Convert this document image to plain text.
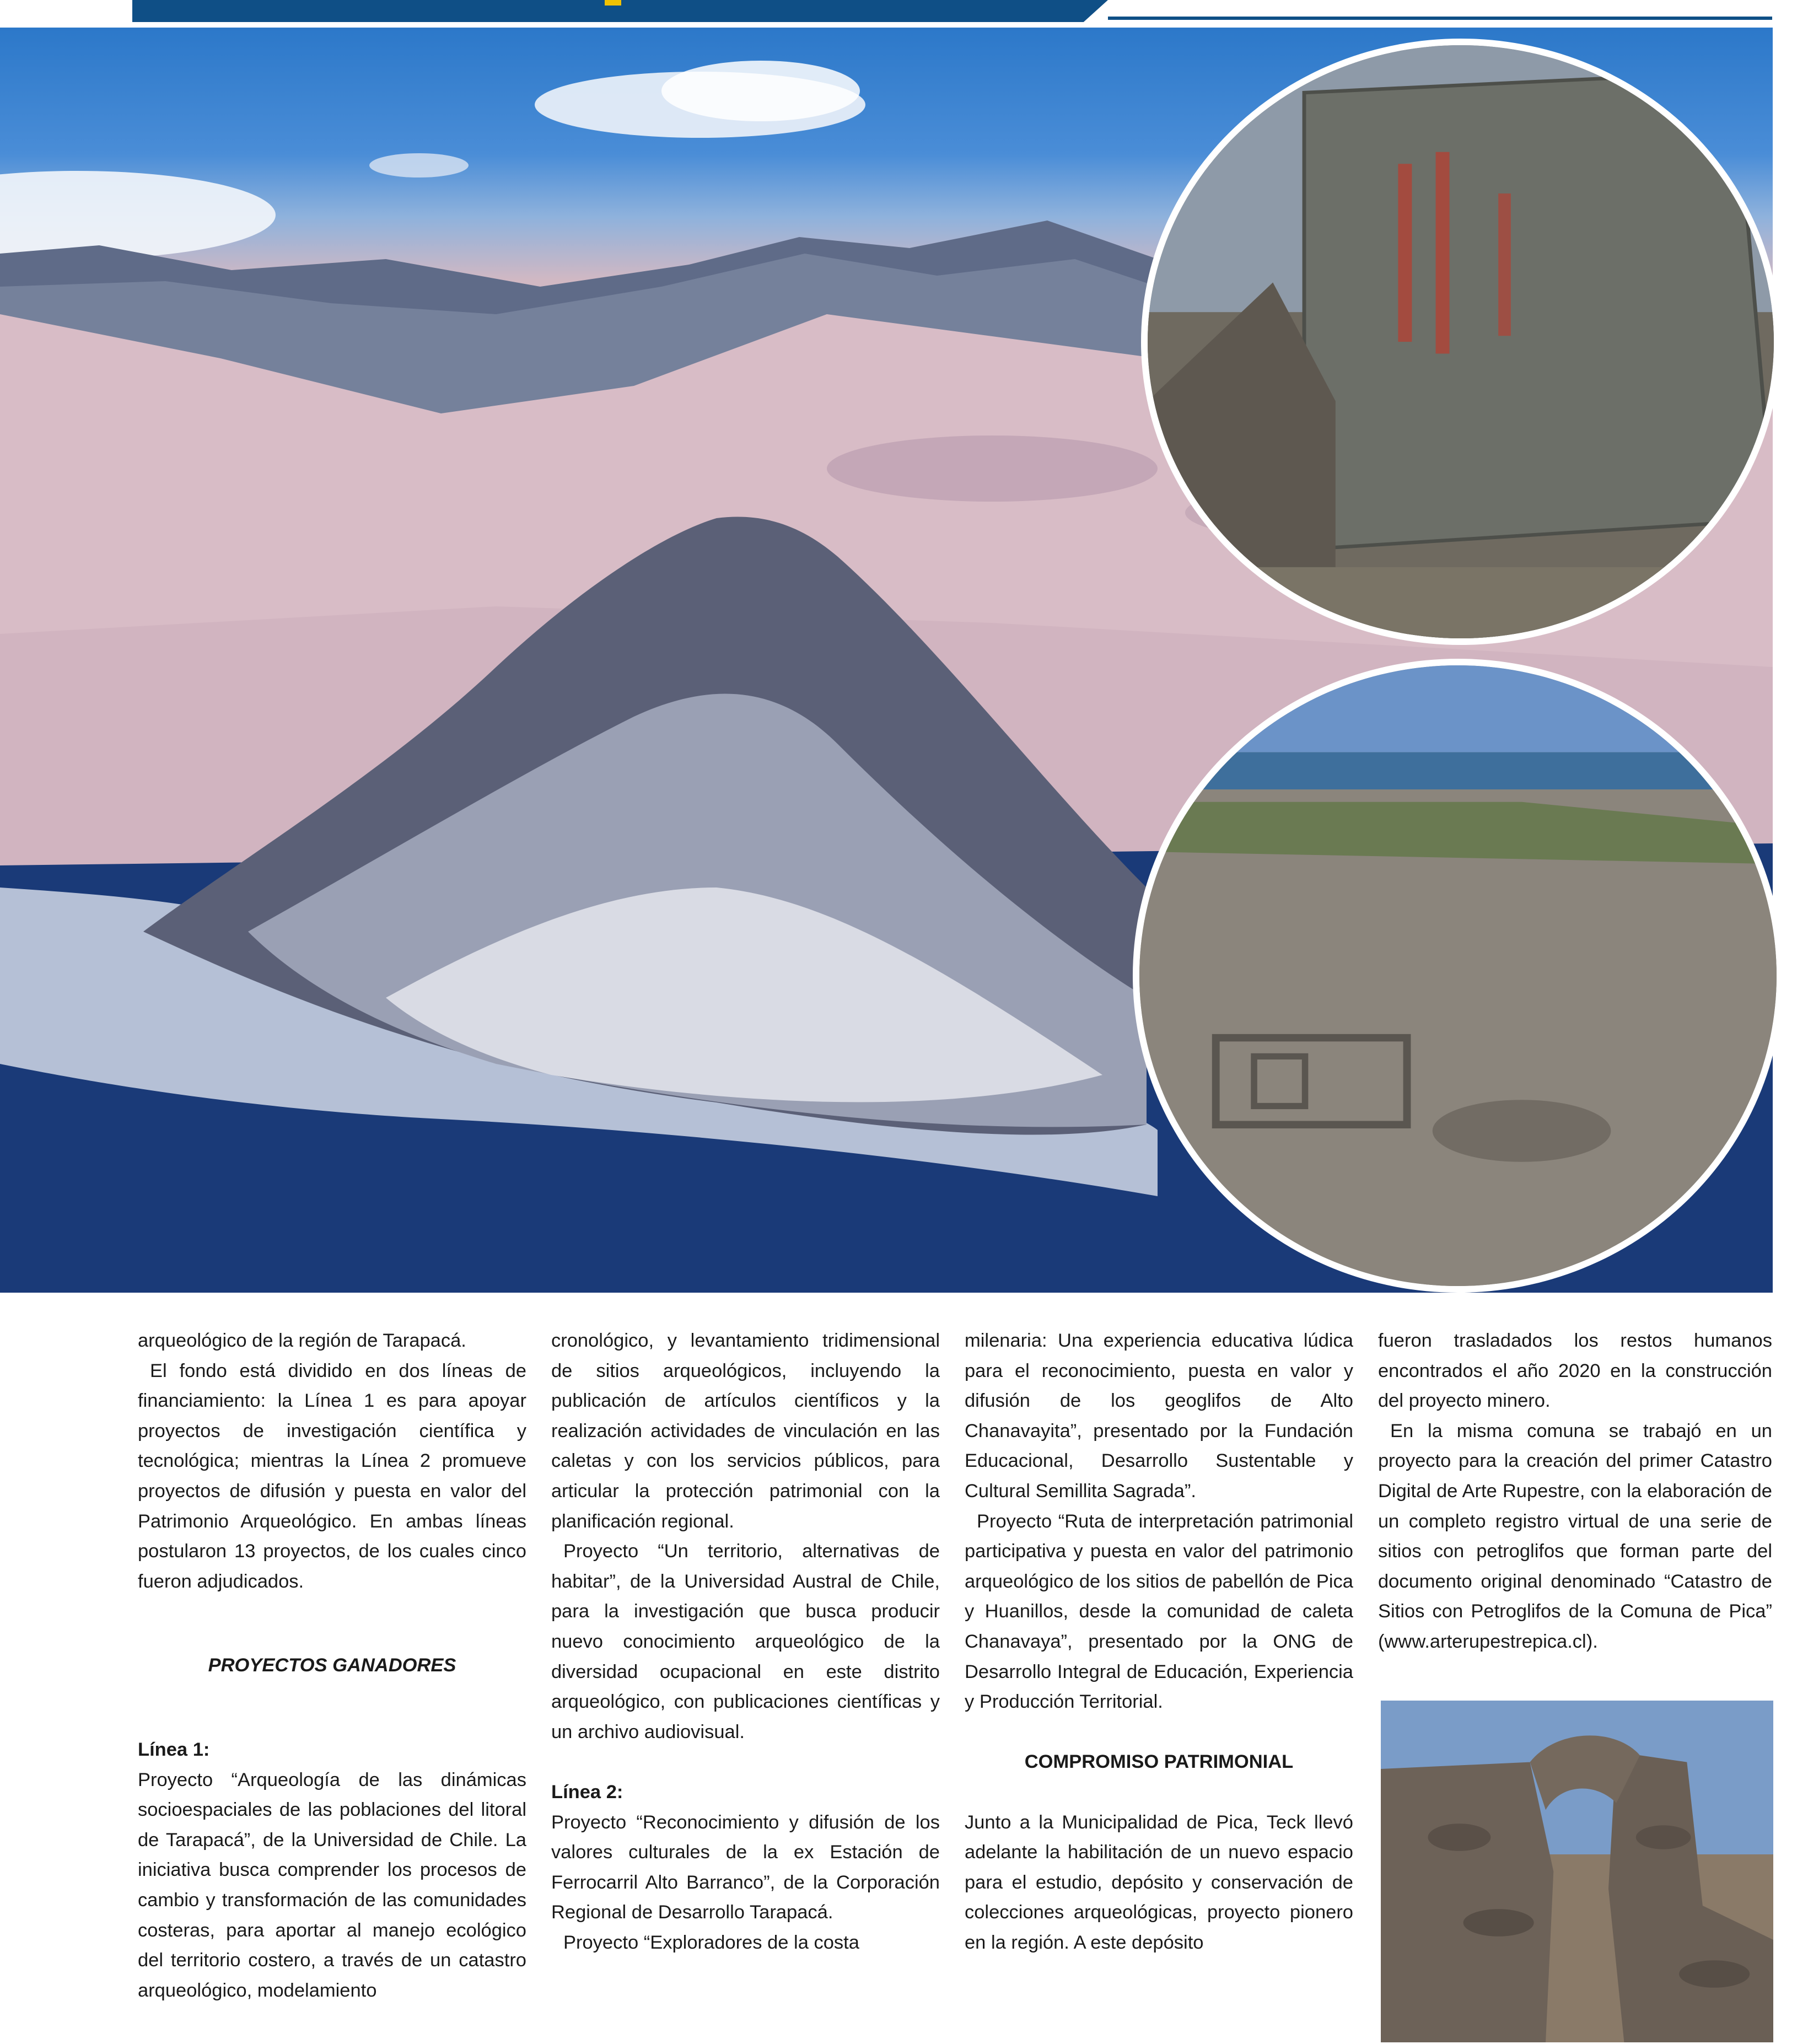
arqueológico de la región de Tarapacá.

El fondo está dividido en dos líneas de financiamiento: la Línea 1 es para apoyar proyectos de investigación científica y tecnológica; mientras la Línea 2 promueve proyectos de difusión y puesta en valor del Patrimonio Arqueológico. En ambas líneas postularon 13 proyectos, de los cuales cinco fueron adjudicados.

PROYECTOS GANADORES

Línea 1:

Proyecto “Arqueología de las dinámicas socioespaciales de las poblaciones del litoral de Tarapacá”, de la Universidad de Chile. La iniciativa busca comprender los procesos de cambio y transformación de las comunidades costeras, para aportar al manejo ecológico del territorio costero, a través de un catastro arqueológico, modelamiento

cronológico, y levantamiento tridimensional de sitios arqueológicos, incluyendo la publicación de artículos científicos y la realización actividades de vinculación en las caletas y con los servicios públicos, para articular la protección patrimonial con la planificación regional.

Proyecto “Un territorio, alternativas de habitar”, de la Universidad Austral de Chile, para la investigación que busca producir nuevo conocimiento arqueológico de la diversidad ocupacional en este distrito arqueológico, con publicaciones científicas y un archivo audiovisual.

Línea 2:

Proyecto “Reconocimiento y difusión de los valores culturales de la ex Estación de Ferrocarril Alto Barranco”, de la Corporación Regional de Desarrollo Tarapacá.

Proyecto “Exploradores de la costa

milenaria: Una experiencia educativa lúdica para el reconocimiento, puesta en valor y difusión de los geoglifos de Alto Chanavayita”, presentado por la Fundación Educacional, Desarrollo Sustentable y Cultural Semillita Sagrada”.

Proyecto “Ruta de interpretación patrimonial participativa y puesta en valor del patrimonio arqueológico de los sitios de pabellón de Pica y Huanillos, desde la comunidad de caleta Chanavaya”, presentado por la ONG de Desarrollo Integral de Educación, Experiencia y Producción Territorial.

COMPROMISO PATRIMONIAL

Junto a la Municipalidad de Pica, Teck llevó adelante la habilitación de un nuevo espacio para el estudio, depósito y conservación de colecciones arqueológicas, proyecto pionero en la región. A este depósito

fueron trasladados los restos humanos encontrados el año 2020 en la construcción del proyecto minero.

En la misma comuna se trabajó en un proyecto para la creación del primer Catastro Digital de Arte Rupestre, con la elaboración de un completo registro virtual de una serie de sitios con petroglifos que forman parte del documento original denominado “Catastro de Sitios con Petroglifos de la Comuna de Pica” (www.arterupestrepica.cl).
